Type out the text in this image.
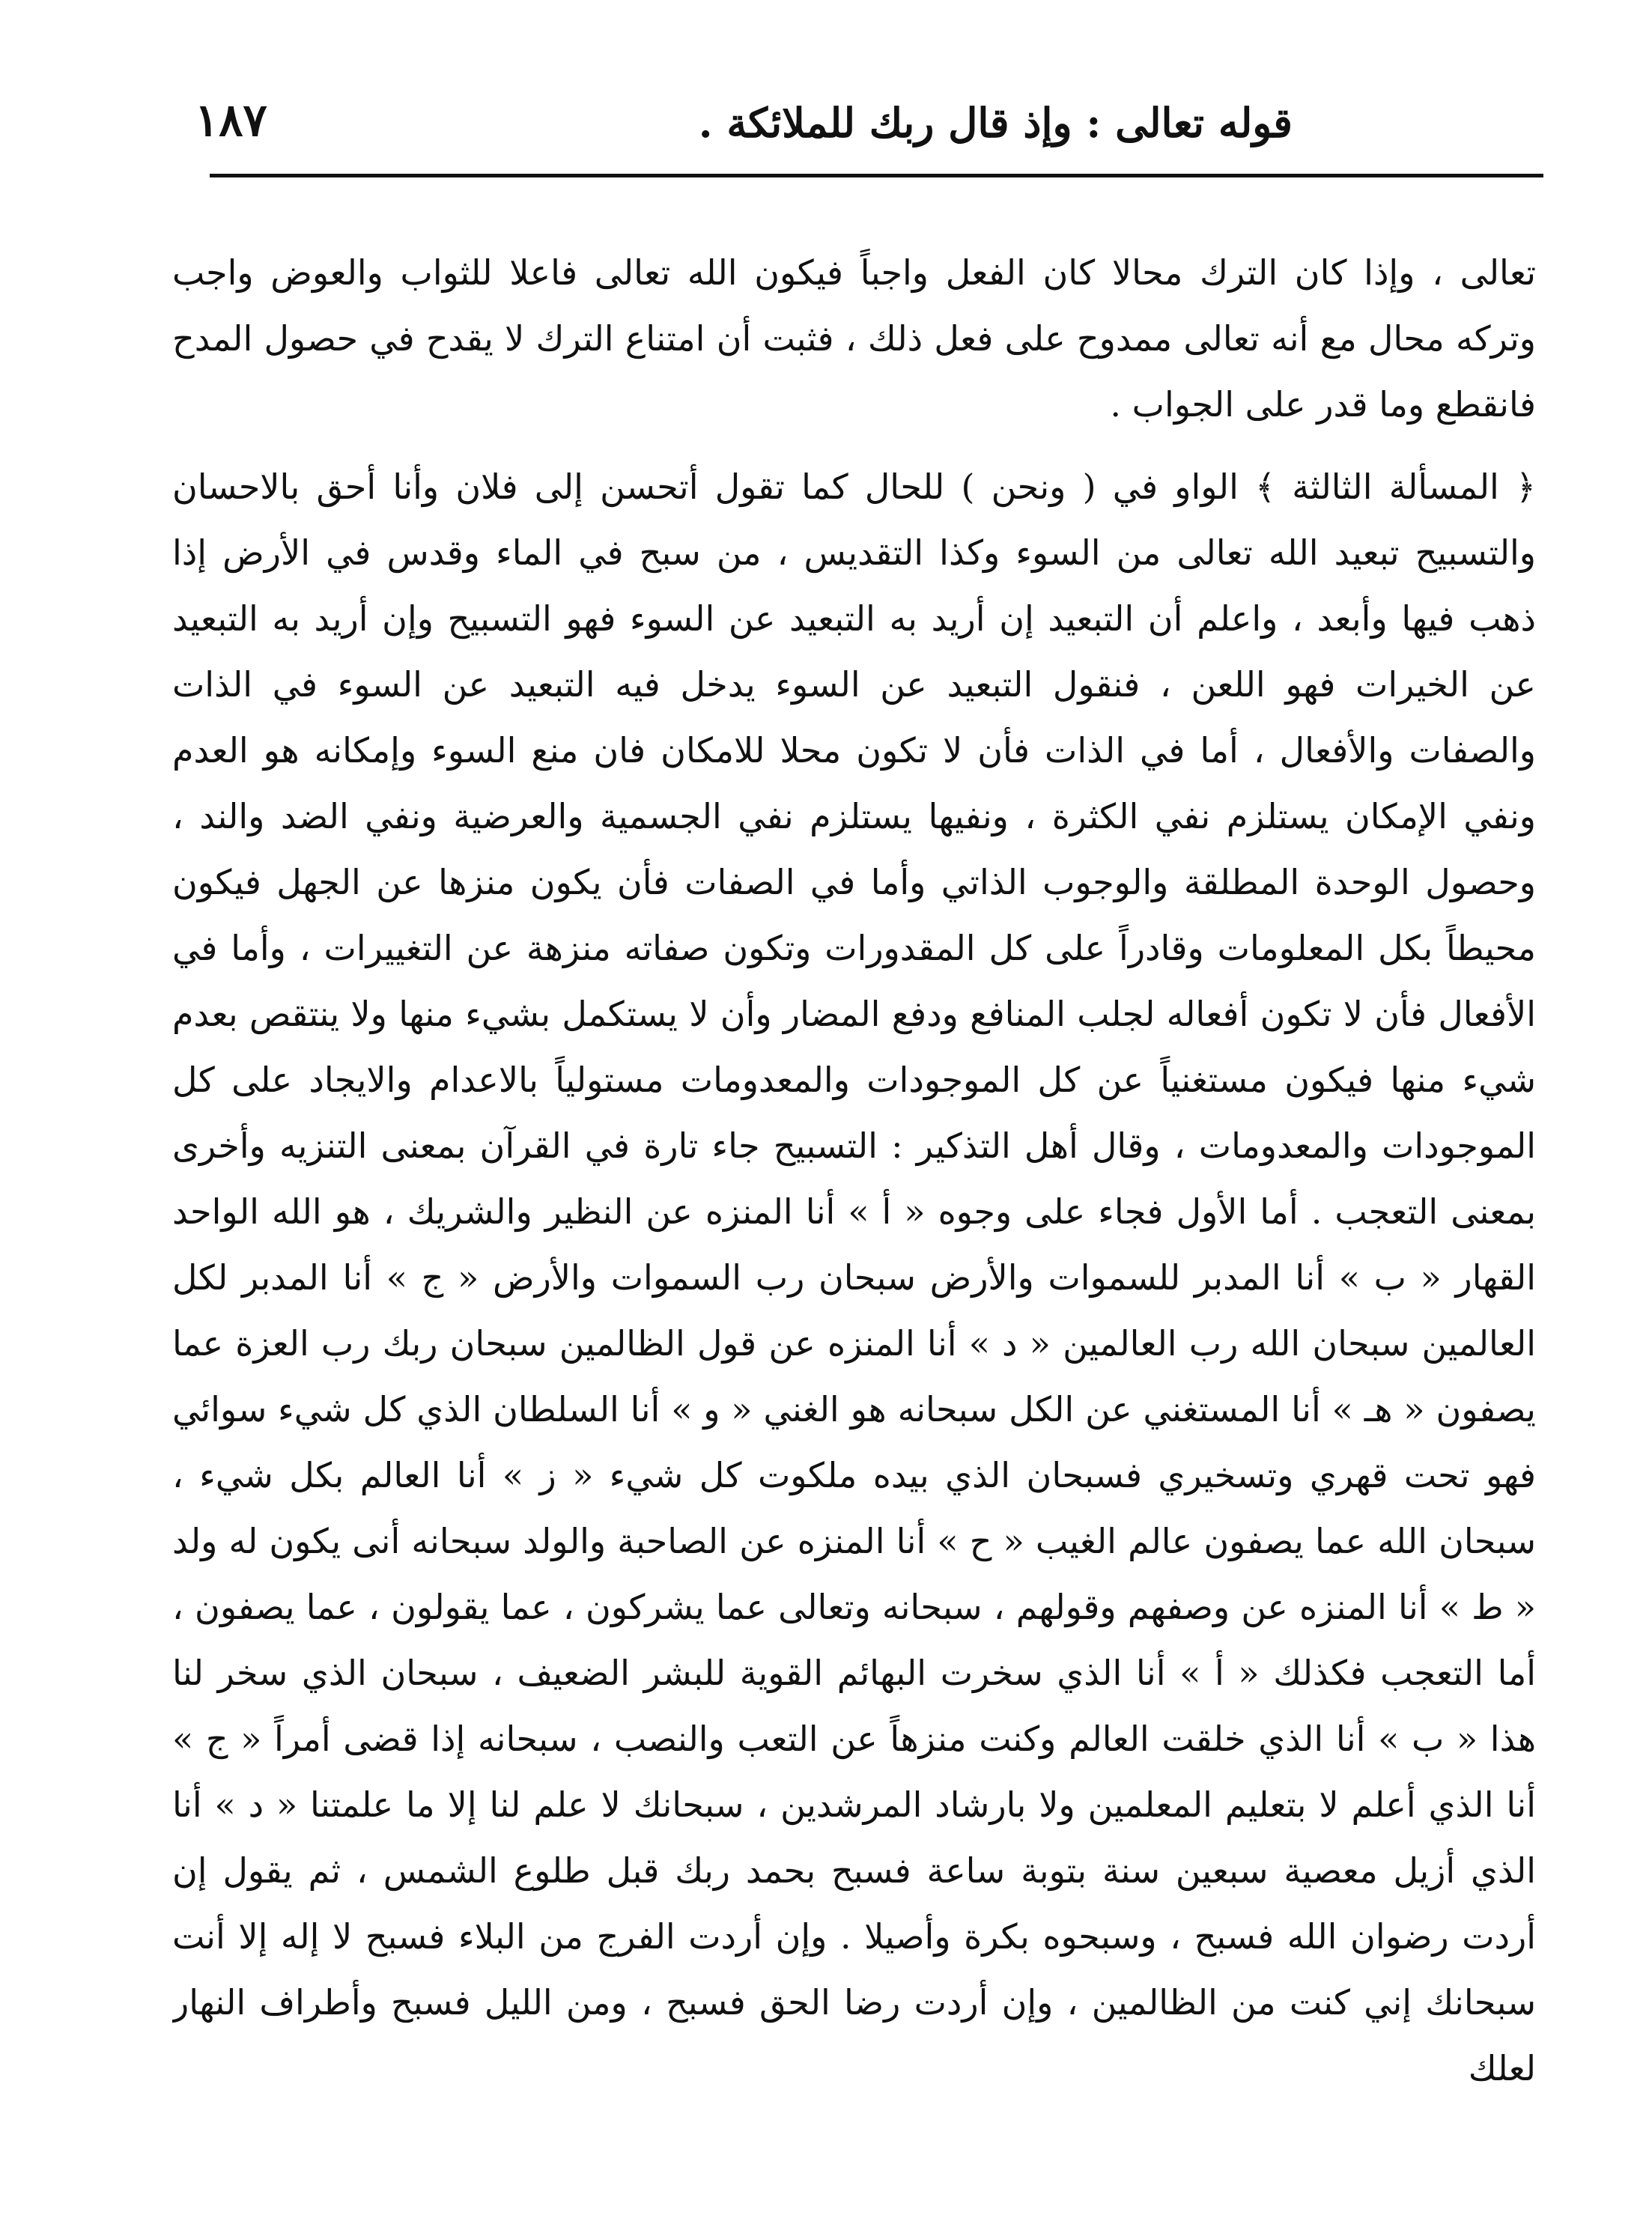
قوله تعالى : وإذ قال ربك للملائكة .
١٨٧

تعالى ، وإذا كان الترك محالا كان الفعل واجباً فيكون الله تعالى فاعلا للثواب والعوض واجب وتركه محال مع أنه تعالى ممدوح على فعل ذلك ، فثبت أن امتناع الترك لا يقدح في حصول المدح فانقطع وما قدر على الجواب .

﴿ المسألة الثالثة ﴾ الواو في ( ونحن ) للحال كما تقول أتحسن إلى فلان وأنا أحق بالاحسان والتسبيح تبعيد الله تعالى من السوء وكذا التقديس ، من سبح في الماء وقدس في الأرض إذا ذهب فيها وأبعد ، واعلم أن التبعيد إن أريد به التبعيد عن السوء فهو التسبيح وإن أريد به التبعيد عن الخيرات فهو اللعن ، فنقول التبعيد عن السوء يدخل فيه التبعيد عن السوء في الذات والصفات والأفعال ، أما في الذات فأن لا تكون محلا للامكان فان منع السوء وإمكانه هو العدم ونفي الإمكان يستلزم نفي الكثرة ، ونفيها يستلزم نفي الجسمية والعرضية ونفي الضد والند ، وحصول الوحدة المطلقة والوجوب الذاتي وأما في الصفات فأن يكون منزها عن الجهل فيكون محيطاً بكل المعلومات وقادراً على كل المقدورات وتكون صفاته منزهة عن التغييرات ، وأما في الأفعال فأن لا تكون أفعاله لجلب المنافع ودفع المضار وأن لا يستكمل بشيء منها ولا ينتقص بعدم شيء منها فيكون مستغنياً عن كل الموجودات والمعدومات مستولياً بالاعدام والايجاد على كل الموجودات والمعدومات ، وقال أهل التذكير : التسبيح جاء تارة في القرآن بمعنى التنزيه وأخرى بمعنى التعجب . أما الأول فجاء على وجوه « أ » أنا المنزه عن النظير والشريك ، هو الله الواحد القهار « ب » أنا المدبر للسموات والأرض سبحان رب السموات والأرض « ج » أنا المدبر لكل العالمين سبحان الله رب العالمين « د » أنا المنزه عن قول الظالمين سبحان ربك رب العزة عما يصفون « هـ » أنا المستغني عن الكل سبحانه هو الغني « و » أنا السلطان الذي كل شيء سوائي فهو تحت قهري وتسخيري فسبحان الذي بيده ملكوت كل شيء « ز » أنا العالم بكل شيء ، سبحان الله عما يصفون عالم الغيب « ح » أنا المنزه عن الصاحبة والولد سبحانه أنى يكون له ولد « ط » أنا المنزه عن وصفهم وقولهم ، سبحانه وتعالى عما يشركون ، عما يقولون ، عما يصفون ، أما التعجب فكذلك « أ » أنا الذي سخرت البهائم القوية للبشر الضعيف ، سبحان الذي سخر لنا هذا « ب » أنا الذي خلقت العالم وكنت منزهاً عن التعب والنصب ، سبحانه إذا قضى أمراً « ج » أنا الذي أعلم لا بتعليم المعلمين ولا بارشاد المرشدين ، سبحانك لا علم لنا إلا ما علمتنا « د » أنا الذي أزيل معصية سبعين سنة بتوبة ساعة فسبح بحمد ربك قبل طلوع الشمس ، ثم يقول إن أردت رضوان الله فسبح ، وسبحوه بكرة وأصيلا . وإن أردت الفرج من البلاء فسبح لا إله إلا أنت سبحانك إني كنت من الظالمين ، وإن أردت رضا الحق فسبح ، ومن الليل فسبح وأطراف النهار لعلك
